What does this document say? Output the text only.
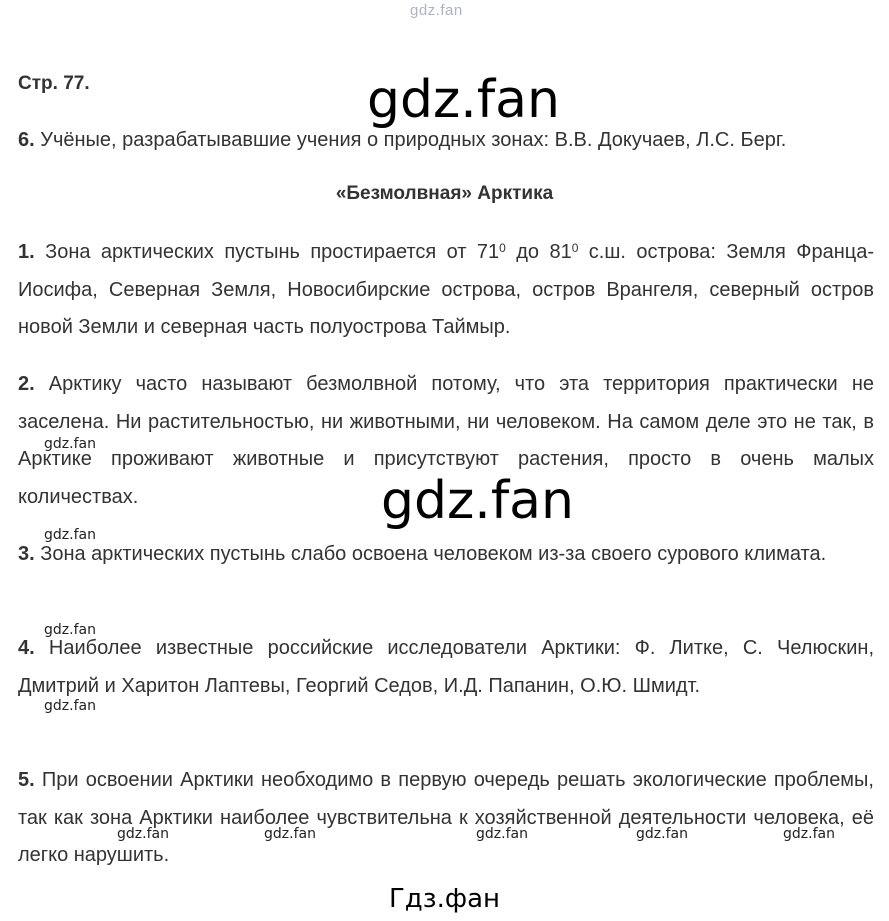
gdz.fan
Стр. 77.	gdz.fan

6. Учёные, разрабатывавшие учения о природных зонах: В.В. Докучаев, Л.С. Берг.

«Безмолвная» Арктика

1. Зона арктических пустынь простирается от $71^0$ до $81^0$ с.ш. острова: Земля Франца-Иосифа, Северная Земля, Новосибирские острова, остров Врангеля, северный остров новой Земли и северная часть полуострова Таймыр.

2. Арктику часто называют безмолвной потому, что эта территория практически не заселена. Ни растительностью, ни животными, ни человеком. На самом деле это не так, в Арктике проживают животные и присутствуют растения, просто в очень малых количествах.

gdz.fan
gdz.fan
gdz.fan

3. Зона арктических пустынь слабо освоена человеком из-за своего сурового климата.

gdz.fan

4. Наиболее известные российские исследователи Арктики: Ф. Литке, С. Челюскин, Дмитрий и Харитон Лаптевы, Георгий Седов, И.Д. Папанин, О.Ю. Шмидт.

gdz.fan

5. При освоении Арктики необходимо в первую очередь решать экологические проблемы, так как зона Арктики наиболее чувствительна к хозяйственной деятельности человека, её легко нарушить.

gdz.fan	gdz.fan	gdz.fan	gdz.fan	gdz.fan
Гдз.фан
